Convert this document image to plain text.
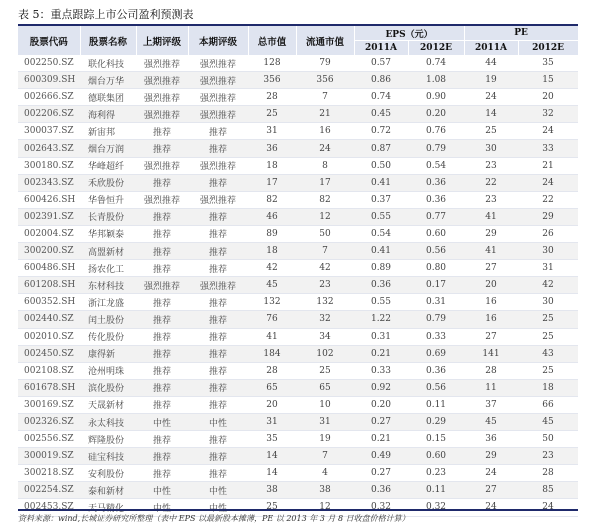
表 5：重点跟踪上市公司盈利预测表
股票代码	股票名称	上期评级	本期评级	总市值	流通市值	EPS（元）		PE	
						2011A	2012E	2011A	2012E
002250.SZ	联化科技	强烈推荐	强烈推荐	128	79	0.57	0.74	44	35
600309.SH	烟台万华	强烈推荐	强烈推荐	356	356	0.86	1.08	19	15
002666.SZ	德联集团	强烈推荐	强烈推荐	28	7	0.74	0.90	24	20
002206.SZ	海利得	强烈推荐	强烈推荐	25	21	0.45	0.20	14	32
300037.SZ	新宙邦	推荐	推荐	31	16	0.72	0.76	25	24
002643.SZ	烟台万润	推荐	推荐	36	24	0.87	0.79	30	33
300180.SZ	华峰超纤	强烈推荐	强烈推荐	18	8	0.50	0.54	23	21
002343.SZ	禾欣股份	推荐	推荐	17	17	0.41	0.36	22	24
600426.SH	华鲁恒升	强烈推荐	强烈推荐	82	82	0.37	0.36	23	22
002391.SZ	长青股份	推荐	推荐	46	12	0.55	0.77	41	29
002004.SZ	华邦颖泰	推荐	推荐	89	50	0.54	0.60	29	26
300200.SZ	高盟新材	推荐	推荐	18	7	0.41	0.56	41	30
600486.SH	扬农化工	推荐	推荐	42	42	0.89	0.80	27	31
601208.SH	东材科技	强烈推荐	强烈推荐	45	23	0.36	0.17	20	42
600352.SH	浙江龙盛	推荐	推荐	132	132	0.55	0.31	16	30
002440.SZ	闰土股份	推荐	推荐	76	32	1.22	0.79	16	25
002010.SZ	传化股份	推荐	推荐	41	34	0.31	0.33	27	25
002450.SZ	康得新	推荐	推荐	184	102	0.21	0.69	141	43
002108.SZ	沧州明珠	推荐	推荐	28	25	0.33	0.36	28	25
601678.SH	滨化股份	推荐	推荐	65	65	0.92	0.56	11	18
300169.SZ	天晟新材	推荐	推荐	20	10	0.20	0.11	37	66
002326.SZ	永太科技	中性	中性	31	31	0.27	0.29	45	45
002556.SZ	辉隆股份	推荐	推荐	35	19	0.21	0.15	36	50
300019.SZ	硅宝科技	推荐	推荐	14	7	0.49	0.60	29	23
300218.SZ	安利股份	推荐	推荐	14	4	0.27	0.23	24	28
002254.SZ	泰和新材	中性	中性	38	38	0.36	0.11	27	85
002453.SZ	天马精化	中性	中性	25	12	0.32	0.32	24	24
资料来源：wind,长城证券研究所整理（表中 EPS 以最新股本摊薄，PE 以 2013 年 3 月 8 日收盘价格计算）
